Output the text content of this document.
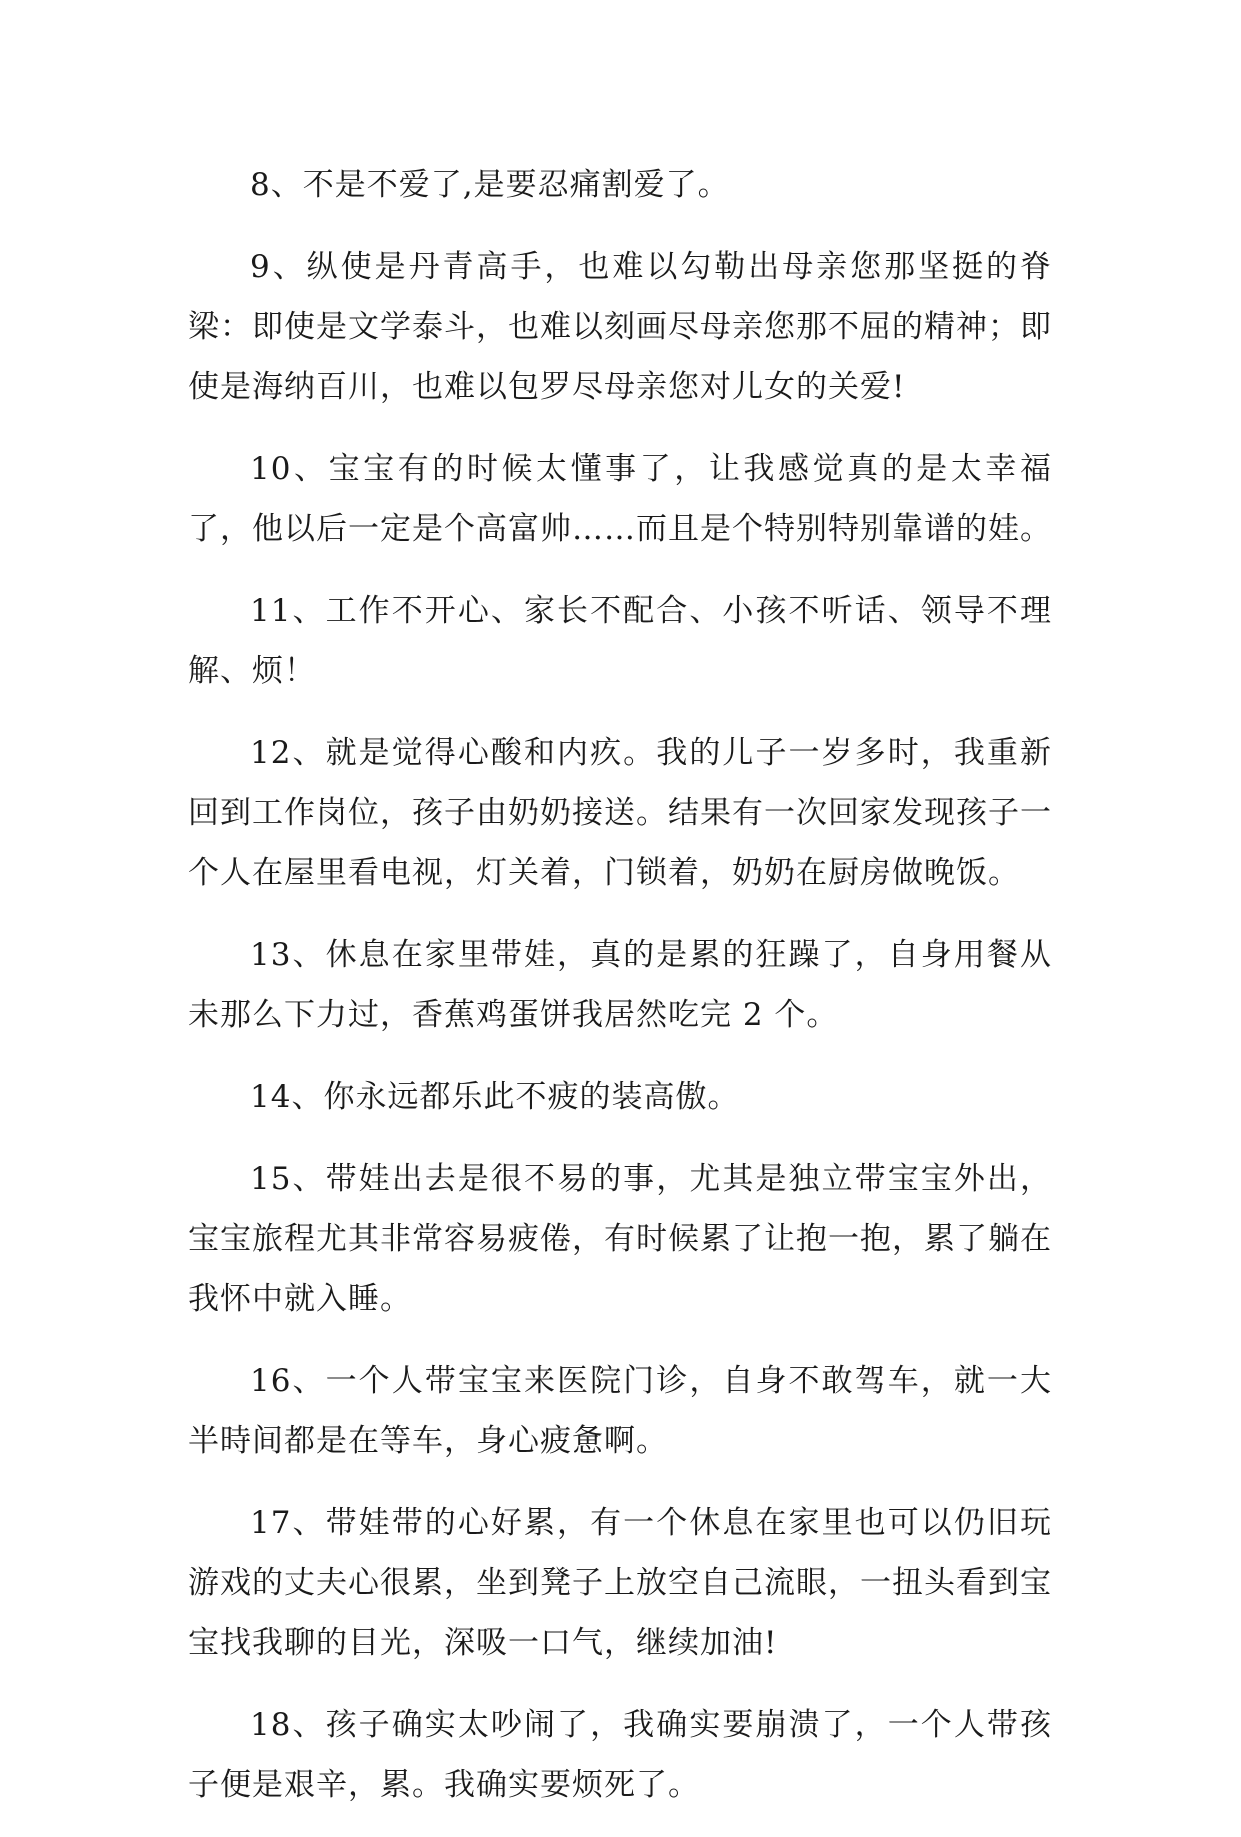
8、不是不爱了,是要忍痛割爱了。

9、纵使是丹青高手，也难以勾勒出母亲您那坚挺的脊梁：即使是文学泰斗，也难以刻画尽母亲您那不屈的精神；即使是海纳百川，也难以包罗尽母亲您对儿女的关爱!

10、宝宝有的时候太懂事了，让我感觉真的是太幸福了，他以后一定是个高富帅……而且是个特别特别靠谱的娃。

11、工作不开心、家长不配合、小孩不听话、领导不理解、烦！

12、就是觉得心酸和内疚。我的儿子一岁多时，我重新回到工作岗位，孩子由奶奶接送。结果有一次回家发现孩子一个人在屋里看电视，灯关着，门锁着，奶奶在厨房做晚饭。

13、休息在家里带娃，真的是累的狂躁了，自身用餐从未那么下力过，香蕉鸡蛋饼我居然吃完 2 个。

14、你永远都乐此不疲的装高傲。

15、带娃出去是很不易的事，尤其是独立带宝宝外出，宝宝旅程尤其非常容易疲倦，有时候累了让抱一抱，累了躺在我怀中就入睡。

16、一个人带宝宝来医院门诊，自身不敢驾车，就一大半時间都是在等车，身心疲惫啊。

17、带娃带的心好累，有一个休息在家里也可以仍旧玩游戏的丈夫心很累，坐到凳子上放空自己流眼，一扭头看到宝宝找我聊的目光，深吸一口气，继续加油!

18、孩子确实太吵闹了，我确实要崩溃了，一个人带孩子便是艰辛，累。我确实要烦死了。
